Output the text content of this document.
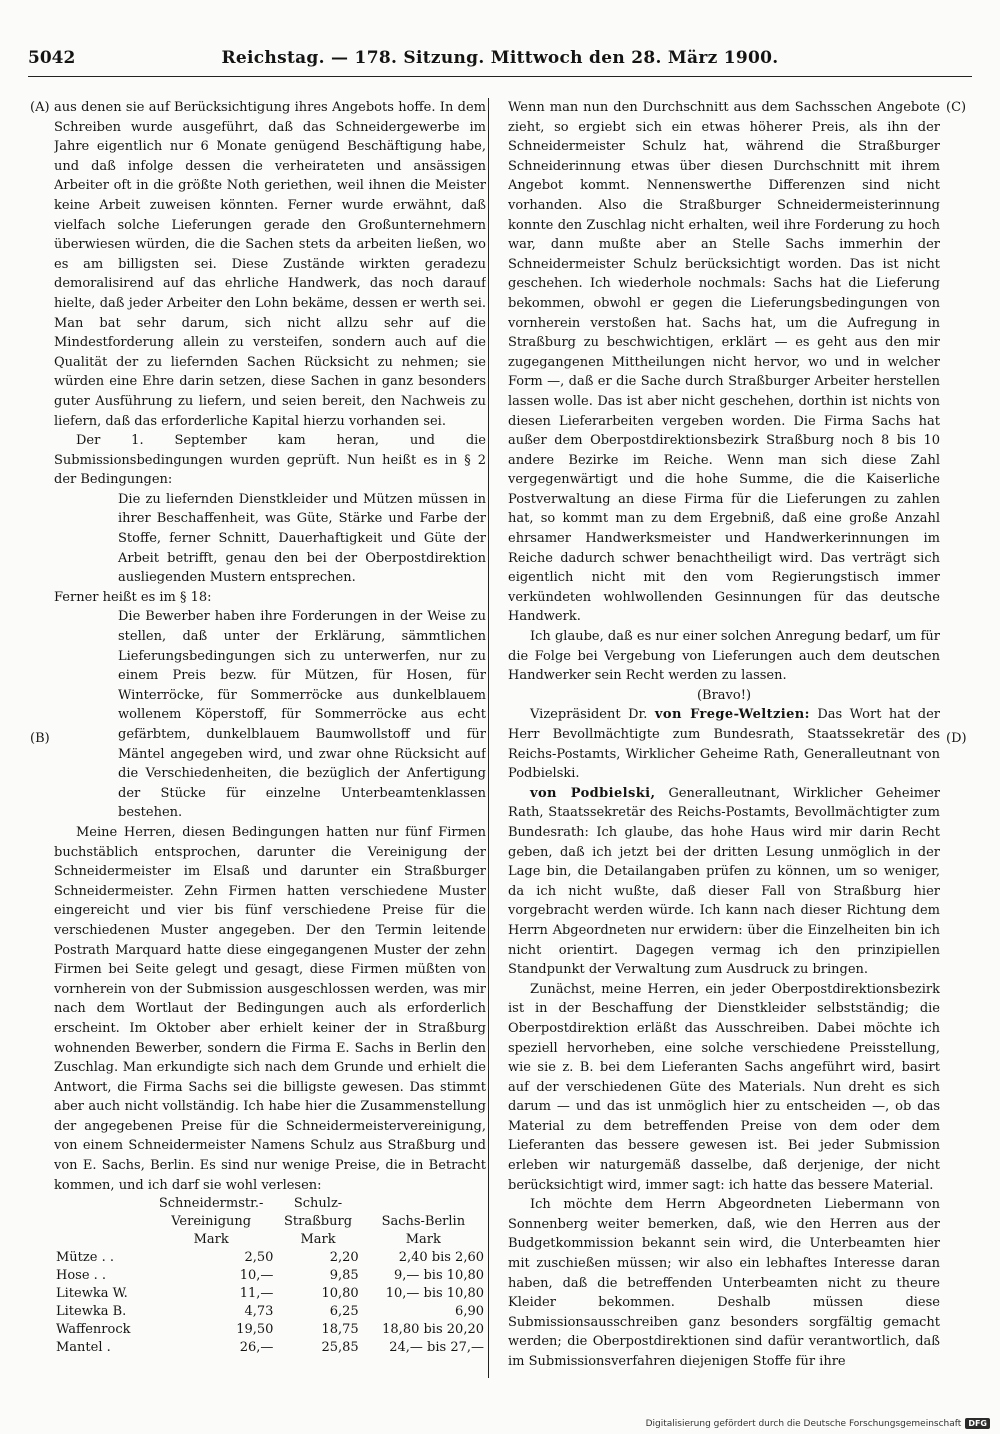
5042	Reichstag. — 178. Sitzung. Mittwoch den 28. März 1900.
(A)
(B)
(C)
(D)

aus denen sie auf Berücksichtigung ihres Angebots hoffe. In dem Schreiben wurde ausgeführt, daß das Schneidergewerbe im Jahre eigentlich nur 6 Monate genügend Beschäftigung habe, und daß infolge dessen die verheirateten und ansässigen Arbeiter oft in die größte Noth geriethen, weil ihnen die Meister keine Arbeit zuweisen könnten. Ferner wurde erwähnt, daß vielfach solche Lieferungen gerade den Großunternehmern überwiesen würden, die die Sachen stets da arbeiten ließen, wo es am billigsten sei. Diese Zustände wirkten geradezu demoralisirend auf das ehrliche Handwerk, das noch darauf hielte, daß jeder Arbeiter den Lohn bekäme, dessen er werth sei. Man bat sehr darum, sich nicht allzu sehr auf die Mindestforderung allein zu versteifen, sondern auch auf die Qualität der zu liefernden Sachen Rücksicht zu nehmen; sie würden eine Ehre darin setzen, diese Sachen in ganz besonders guter Ausführung zu liefern, und seien bereit, den Nachweis zu liefern, daß das erforderliche Kapital hierzu vorhanden sei.

Der 1. September kam heran, und die Submissionsbedingungen wurden geprüft. Nun heißt es in § 2 der Bedingungen:

Die zu liefernden Dienstkleider und Mützen müssen in ihrer Beschaffenheit, was Güte, Stärke und Farbe der Stoffe, ferner Schnitt, Dauerhaftigkeit und Güte der Arbeit betrifft, genau den bei der Oberpostdirektion ausliegenden Mustern entsprechen.

Ferner heißt es im § 18:

Die Bewerber haben ihre Forderungen in der Weise zu stellen, daß unter der Erklärung, sämmtlichen Lieferungsbedingungen sich zu unterwerfen, nur zu einem Preis bezw. für Mützen, für Hosen, für Winterröcke, für Sommerröcke aus dunkelblauem wollenem Köperstoff, für Sommerröcke aus echt gefärbtem, dunkelblauem Baumwollstoff und für Mäntel angegeben wird, und zwar ohne Rücksicht auf die Verschiedenheiten, die bezüglich der Anfertigung der Stücke für einzelne Unterbeamtenklassen bestehen.

Meine Herren, diesen Bedingungen hatten nur fünf Firmen buchstäblich entsprochen, darunter die Vereinigung der Schneidermeister im Elsaß und darunter ein Straßburger Schneidermeister. Zehn Firmen hatten verschiedene Muster eingereicht und vier bis fünf verschiedene Preise für die verschiedenen Muster angegeben. Der den Termin leitende Postrath Marquard hatte diese eingegangenen Muster der zehn Firmen bei Seite gelegt und gesagt, diese Firmen müßten von vornherein von der Submission ausgeschlossen werden, was mir nach dem Wortlaut der Bedingungen auch als erforderlich erscheint. Im Oktober aber erhielt keiner der in Straßburg wohnenden Bewerber, sondern die Firma E. Sachs in Berlin den Zuschlag. Man erkundigte sich nach dem Grunde und erhielt die Antwort, die Firma Sachs sei die billigste gewesen. Das stimmt aber auch nicht vollständig. Ich habe hier die Zusammenstellung der angegebenen Preise für die Schneidermeistervereinigung, von einem Schneidermeister Namens Schulz aus Straßburg und von E. Sachs, Berlin. Es sind nur wenige Preise, die in Betracht kommen, und ich darf sie wohl verlesen:

	Schneidermstr.-	Schulz-	
	Vereinigung	Straßburg	Sachs-Berlin
	Mark	Mark	Mark
Mütze . .	2,50	2,20	2,40 bis 2,60
Hose . .	10,—	9,85	9,— bis 10,80
Litewka W.	11,—	10,80	10,— bis 10,80
Litewka B.	4,73	6,25	6,90
Waffenrock	19,50	18,75	18,80 bis 20,20
Mantel .	26,—	25,85	24,— bis 27,—

Wenn man nun den Durchschnitt aus dem Sachsschen Angebote zieht, so ergiebt sich ein etwas höherer Preis, als ihn der Schneidermeister Schulz hat, während die Straßburger Schneiderinnung etwas über diesen Durchschnitt mit ihrem Angebot kommt. Nennenswerthe Differenzen sind nicht vorhanden. Also die Straßburger Schneidermeisterinnung konnte den Zuschlag nicht erhalten, weil ihre Forderung zu hoch war, dann mußte aber an Stelle Sachs immerhin der Schneidermeister Schulz berücksichtigt worden. Das ist nicht geschehen. Ich wiederhole nochmals: Sachs hat die Lieferung bekommen, obwohl er gegen die Lieferungsbedingungen von vornherein verstoßen hat. Sachs hat, um die Aufregung in Straßburg zu beschwichtigen, erklärt — es geht aus den mir zugegangenen Mittheilungen nicht hervor, wo und in welcher Form —, daß er die Sache durch Straßburger Arbeiter herstellen lassen wolle. Das ist aber nicht geschehen, dorthin ist nichts von diesen Lieferarbeiten vergeben worden. Die Firma Sachs hat außer dem Oberpostdirektionsbezirk Straßburg noch 8 bis 10 andere Bezirke im Reiche. Wenn man sich diese Zahl vergegenwärtigt und die hohe Summe, die die Kaiserliche Postverwaltung an diese Firma für die Lieferungen zu zahlen hat, so kommt man zu dem Ergebniß, daß eine große Anzahl ehrsamer Handwerksmeister und Handwerkerinnungen im Reiche dadurch schwer benachtheiligt wird. Das verträgt sich eigentlich nicht mit den vom Regierungstisch immer verkündeten wohlwollenden Gesinnungen für das deutsche Handwerk.

Ich glaube, daß es nur einer solchen Anregung bedarf, um für die Folge bei Vergebung von Lieferungen auch dem deutschen Handwerker sein Recht werden zu lassen.

(Bravo!)

Vizepräsident Dr. von Frege-Weltzien: Das Wort hat der Herr Bevollmächtigte zum Bundesrath, Staatssekretär des Reichs-Postamts, Wirklicher Geheime Rath, Generalleutnant von Podbielski.

von Podbielski, Generalleutnant, Wirklicher Geheimer Rath, Staatssekretär des Reichs-Postamts, Bevollmächtigter zum Bundesrath: Ich glaube, das hohe Haus wird mir darin Recht geben, daß ich jetzt bei der dritten Lesung unmöglich in der Lage bin, die Detailangaben prüfen zu können, um so weniger, da ich nicht wußte, daß dieser Fall von Straßburg hier vorgebracht werden würde. Ich kann nach dieser Richtung dem Herrn Abgeordneten nur erwidern: über die Einzelheiten bin ich nicht orientirt. Dagegen vermag ich den prinzipiellen Standpunkt der Verwaltung zum Ausdruck zu bringen.

Zunächst, meine Herren, ein jeder Oberpostdirektionsbezirk ist in der Beschaffung der Dienstkleider selbstständig; die Oberpostdirektion erläßt das Ausschreiben. Dabei möchte ich speziell hervorheben, eine solche verschiedene Preisstellung, wie sie z. B. bei dem Lieferanten Sachs angeführt wird, basirt auf der verschiedenen Güte des Materials. Nun dreht es sich darum — und das ist unmöglich hier zu entscheiden —, ob das Material zu dem betreffenden Preise von dem oder dem Lieferanten das bessere gewesen ist. Bei jeder Submission erleben wir naturgemäß dasselbe, daß derjenige, der nicht berücksichtigt wird, immer sagt: ich hatte das bessere Material.

Ich möchte dem Herrn Abgeordneten Liebermann von Sonnenberg weiter bemerken, daß, wie den Herren aus der Budgetkommission bekannt sein wird, die Unterbeamten hier mit zuschießen müssen; wir also ein lebhaftes Interesse daran haben, daß die betreffenden Unterbeamten nicht zu theure Kleider bekommen. Deshalb müssen diese Submissionsausschreiben ganz besonders sorgfältig gemacht werden; die Oberpostdirektionen sind dafür verantwortlich, daß im Submissionsverfahren diejenigen Stoffe für ihre

Digitalisierung gefördert durch die Deutsche Forschungsgemeinschaft DFG
